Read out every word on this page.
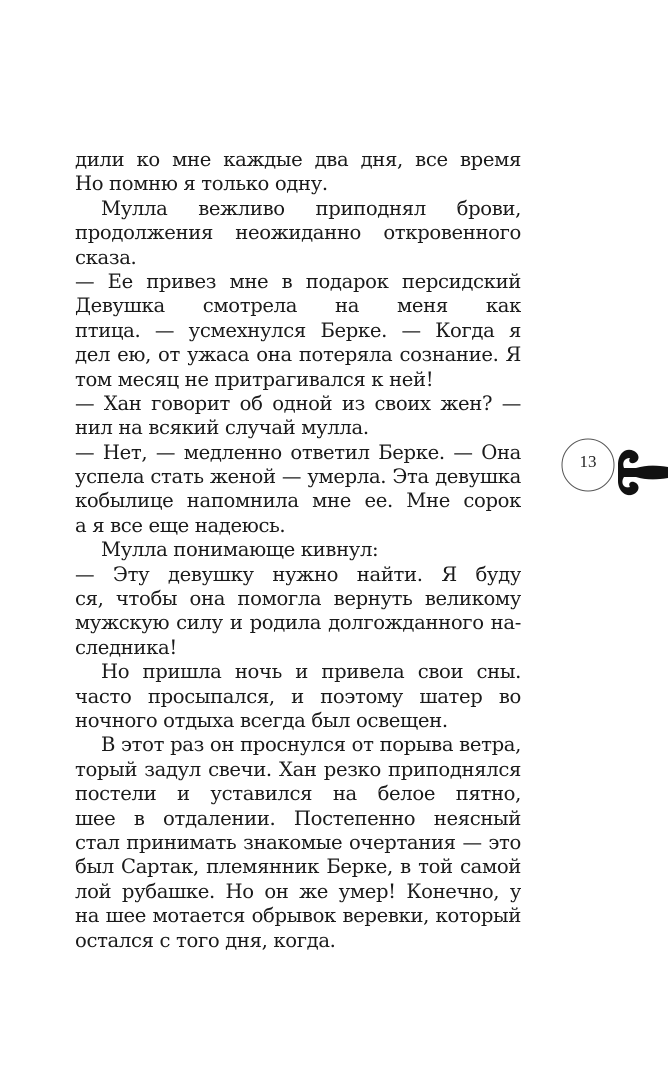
дили ко мне каждые два дня, все время
Но помню я только одну.
Мулла вежливо приподнял брови,
продолжения неожиданно откровенного
сказа.
— Ее привез мне в подарок персидский
Девушка смотрела на меня как
птица. — усмехнулся Берке. — Когда я
дел ею, от ужаса она потеряла сознание. Я
том месяц не притрагивался к ней!
— Хан говорит об одной из своих жен? —
нил на всякий случай мулла.
— Нет, — медленно ответил Берке. — Она
успела стать женой — умерла. Эта девушка
кобылице напомнила мне ее. Мне сорок
а я все еще надеюсь.
Мулла понимающе кивнул:
— Эту девушку нужно найти. Я буду
ся, чтобы она помогла вернуть великому
мужскую силу и родила долгожданного на-
следника!
Но пришла ночь и привела свои сны.
часто просыпался, и поэтому шатер во
ночного отдыха всегда был освещен.
В этот раз он проснулся от порыва ветра,
торый задул свечи. Хан резко приподнялся
постели и уставился на белое пятно,
шее в отдалении. Постепенно неясный
стал принимать знакомые очертания — это
был Сартак, племянник Берке, в той самой
лой рубашке. Но он же умер! Конечно, у
на шее мотается обрывок веревки, который
остался с того дня, когда.
13
